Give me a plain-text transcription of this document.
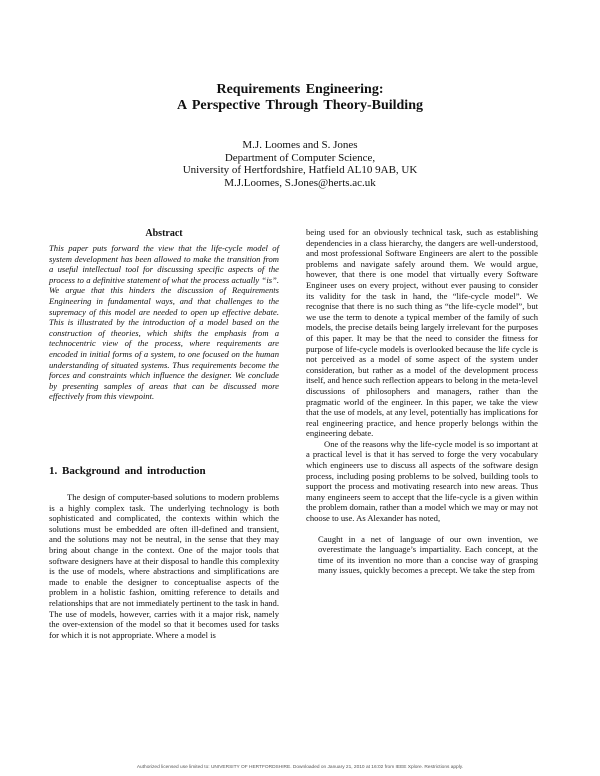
Requirements Engineering:
A Perspective Through Theory-Building
M.J. Loomes and S. Jones
Department of Computer Science,
University of Hertfordshire, Hatfield AL10 9AB, UK
M.J.Loomes, S.Jones@herts.ac.uk
Abstract
This paper puts forward the view that the life-cycle model of system development has been allowed to make the transition from a useful intellectual tool for discussing specific aspects of the process to a definitive statement of what the process actually “is”. We argue that this hinders the discussion of Requirements Engineering in fundamental ways, and that challenges to the supremacy of this model are needed to open up effective debate. This is illustrated by the introduction of a model based on the construction of theories, which shifts the emphasis from a technocentric view of the process, where requirements are encoded in initial forms of a system, to one focused on the human understanding of situated systems. Thus requirements become the forces and constraints which influence the designer. We conclude by presenting samples of areas that can be discussed more effectively from this viewpoint.
1. Background and introduction
The design of computer-based solutions to modern problems is a highly complex task. The underlying technology is both sophisticated and complicated, the contexts within which the solutions must be embedded are often ill-defined and transient, and the solutions may not be neutral, in the sense that they may bring about change in the context. One of the major tools that software designers have at their disposal to handle this complexity is the use of models, where abstractions and simplifications are made to enable the designer to conceptualise aspects of the problem in a holistic fashion, omitting reference to details and relationships that are not immediately pertinent to the task in hand. The use of models, however, carries with it a major risk, namely the over-extension of the model so that it becomes used for tasks for which it is not appropriate. Where a model is

being used for an obviously technical task, such as establishing dependencies in a class hierarchy, the dangers are well-understood, and most professional Software Engineers are alert to the possible problems and navigate safely around them. We would argue, however, that there is one model that virtually every Software Engineer uses on every project, without ever pausing to consider its validity for the task in hand, the “life-cycle model”. We recognise that there is no such thing as “the life-cycle model”, but we use the term to denote a typical member of the family of such models, the precise details being largely irrelevant for the purposes of this paper. It may be that the need to consider the fitness for purpose of life-cycle models is overlooked because the life cycle is not perceived as a model of some aspect of the system under consideration, but rather as a model of the development process itself, and hence such reflection appears to belong in the meta-level discussions of philosophers and managers, rather than the pragmatic world of the engineer. In this paper, we take the view that the use of models, at any level, potentially has implications for real engineering practice, and hence properly belongs within the engineering debate.

One of the reasons why the life-cycle model is so important at a practical level is that it has served to forge the very vocabulary which engineers use to discuss all aspects of the software design process, including posing problems to be solved, building tools to support the process and motivating research into new areas. Thus many engineers seem to accept that the life-cycle is a given within the problem domain, rather than a model which we may or may not choose to use. As Alexander has noted,

Caught in a net of language of our own invention, we overestimate the language’s impartiality. Each concept, at the time of its invention no more than a concise way of grasping many issues, quickly becomes a precept. We take the step from

Authorized licensed use limited to: UNIVERSITY OF HERTFORDSHIRE. Downloaded on January 21, 2010 at 16:02 from IEEE Xplore. Restrictions apply.
